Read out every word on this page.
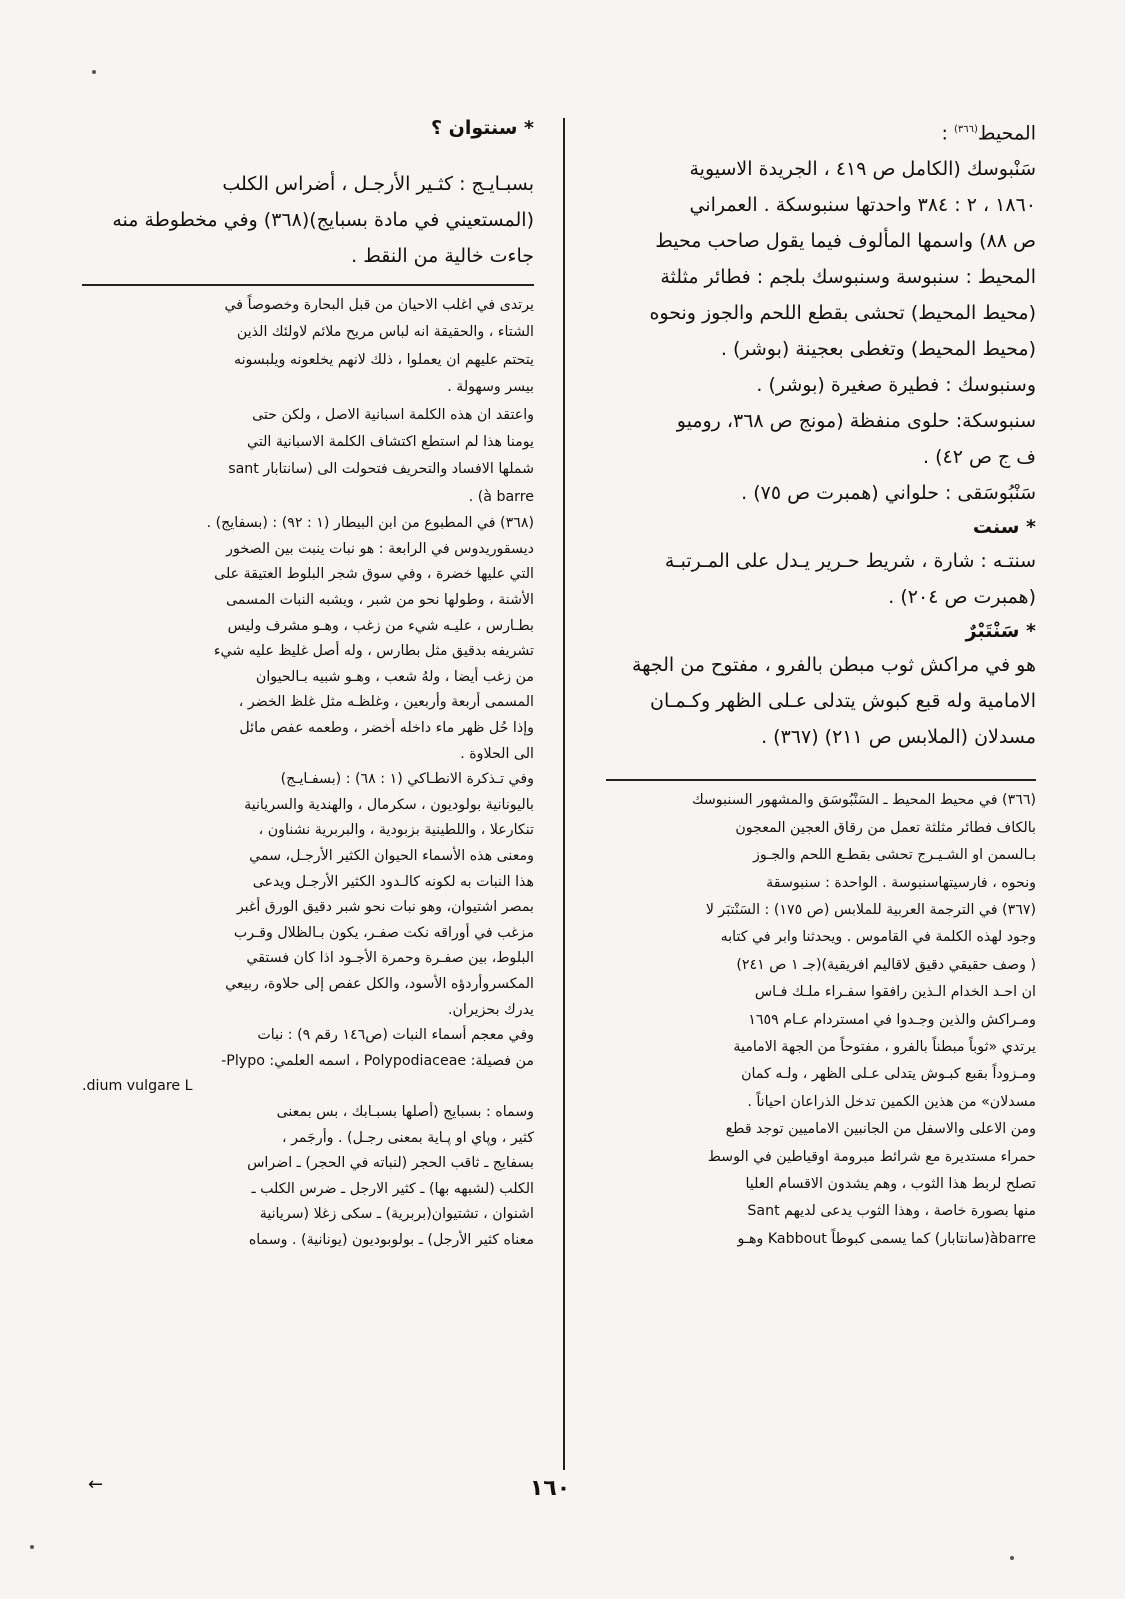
المحيط$^{(٣٦٦)}$ :

سَنْبوسك (الكامل ص ٤١٩ ، الجريدة الاسيوية
١٨٦٠ ، ٢ : ٣٨٤ واحدتها سنبوسكة . العمراني
ص ٨٨) واسمها المألوف فيما يقول صاحب محيط
المحيط : سنبوسة وسنبوسك بلجم : فطائر مثلثة
(محيط المحيط) تحشى بقطع اللحم والجوز ونحوه
(محيط المحيط) وتغطى بعجينة (بوشر) .
وسنبوسك : فطيرة صغيرة (بوشر) .
سنبوسكة: حلوى منفظة (مونج ص ٣٦٨، روميو
ف ج ص ٤٢) .
سَنْبُوسَقى : حلواني (همبرت ص ٧٥) .

* سنت

سنتـه : شارة ، شريط حـرير يـدل على المـرتبـة
(همبرت ص ٢٠٤) .

* سَنْتَبْرٌ

هو في مراكش ثوب مبطن بالفرو ، مفتوح من الجهة
الامامية وله قبع كبوش يتدلى عـلى الظهر وكـمـان
مسدلان (الملابس ص ٢١١) (٣٦٧) .

(٣٦٦) في محيط المحيط ـ السَنْبُوسَق والمشهور السنبوسك
بالكاف فطائر مثلثة تعمل من رقاق العجين المعجون
بـالسمن او الشـيـرج تحشى بقطـع اللحم والجـوز
ونحوه ، فارسيتهاسنبوسة . الواحدة : سنبوسقة
(٣٦٧) في الترجمة العربية للملابس (ص ١٧٥) : السَنْتبَر لا
وجود لهذه الكلمة في القاموس . ويحدثنا وابر في كتابه
( وصف حقيقي دقيق لاقاليم افريقية)(جـ ١ ص ٢٤١)
ان احـد الخدام الـذين رافقوا سفـراء ملـك فـاس
ومـراكش والذين وجـدوا في امستردام عـام ١٦٥٩
يرتدي «ثوباً مبطناً بالفرو ، مفتوحاً من الجهة الامامية
ومـزوداً بقبع كبـوش يتدلى عـلى الظهر ، ولـه كمان
مسدلان» من هذين الكمين تدخل الذراعان احياناً .
ومن الاعلى والاسفل من الجانبين الاماميين توجد قطع
حمراء مستديرة مع شرائط مبرومة اوقياطين في الوسط
تصلح لربط هذا الثوب ، وهم يشدون الاقسام العليا
منها بصورة خاصة ، وهذا الثوب يدعى لديهم Sant
àbarre(سانتابار) كما يسمى كبوطاً Kabbout وهـو

* سنتوان ؟

بسبـايـج : كثـير الأرجـل ، أضراس الكلب
(المستعيني في مادة بسبايج)(٣٦٨) وفي مخطوطة منه
جاءت خالية من النقط .

يرتدى في اغلب الاحيان من قبل البحارة وخصوصاً في
الشتاء ، والحقيقة انه لباس مريح ملائم لاولئك الذين
يتحتم عليهم ان يعملوا ، ذلك لانهم يخلعونه ويلبسونه
بيسر وسهولة .
واعتقد ان هذه الكلمة اسبانية الاصل ، ولكن حتى
يومنا هذا لم استطع اكتشاف الكلمة الاسبانية التي
شملها الافساد والتحريف فتحولت الى (سانتابار sant
à barre) .

(٣٦٨) في المطبوع من ابن البيطار (١ : ٩٢) : (بسفايج) .
ديسقوريدوس في الرابعة : هو نبات ينبت بين الصخور
التي عليها خضرة ، وفي سوق شجر البلوط العتيقة على
الأشنة ، وطولها نحو من شبر ، ويشبه النبات المسمى
بطـارس ، عليـه شيء من زغب ، وهـو مشرف وليس
تشريفه بدقيق مثل بطارس ، وله أصل غليظ عليه شيء
من زغب أيضا ، ولهُ شعب ، وهـو شبيه بـالحيوان
المسمى أربعة وأربعين ، وغلظـه مثل غلظ الخضر ،
وإذا حُل ظهر ماء داخله أخضر ، وطعمه عفص مائل
الى الحلاوة .
وفي تـذكرة الانطـاكي (١ : ٦٨) : (بسفـايـج)
باليونانية بولوديون ، سكرمال ، والهندية والسريانية
تنكارعلا ، واللطينية بزبودية ، والبربرية نشناون ،
ومعنى هذه الأسماء الحيوان الكثير الأرجـل، سمي
هذا النبات به لكونه كالـدود الكثير الأرجـل ويدعى
بمصر اشتيوان، وهو نبات نحو شبر دقيق الورق أغبر
مزغب في أوراقه نكت صفـر، يكون بـالظلال وقـرب
البلوط، بين صفـرة وحمرة الأجـود اذا كان فستقي
المكسروأردؤه الأسود، والكل عفص إلى حلاوة، ربيعي
يدرك بحزيران.
وفي معجم أسماء النبات (ص١٤٦ رقم ٩) : نبات
من فصيلة: Polypodiaceae ، اسمه العلمي: Plypo-
dium vulgare L.
وسماه : بسبايج (أصلها بسبـابك ، بس بمعنى
كثير ، وپاي او پـاية بمعنى رجـل) . وأرجَمر ،
بسفايج ـ ثاقب الحجر (لنباته في الحجر) ـ اضراس
الكلب (لشبهه بها) ـ كثير الارجل ـ ضرس الكلب ـ
اشنوان ، تشتيوان(بربرية) ـ سكى زغلا (سريانية
معناه كثير الأرجل) ـ بولوبوديون (يونانية) . وسماه

←	١٦٠
